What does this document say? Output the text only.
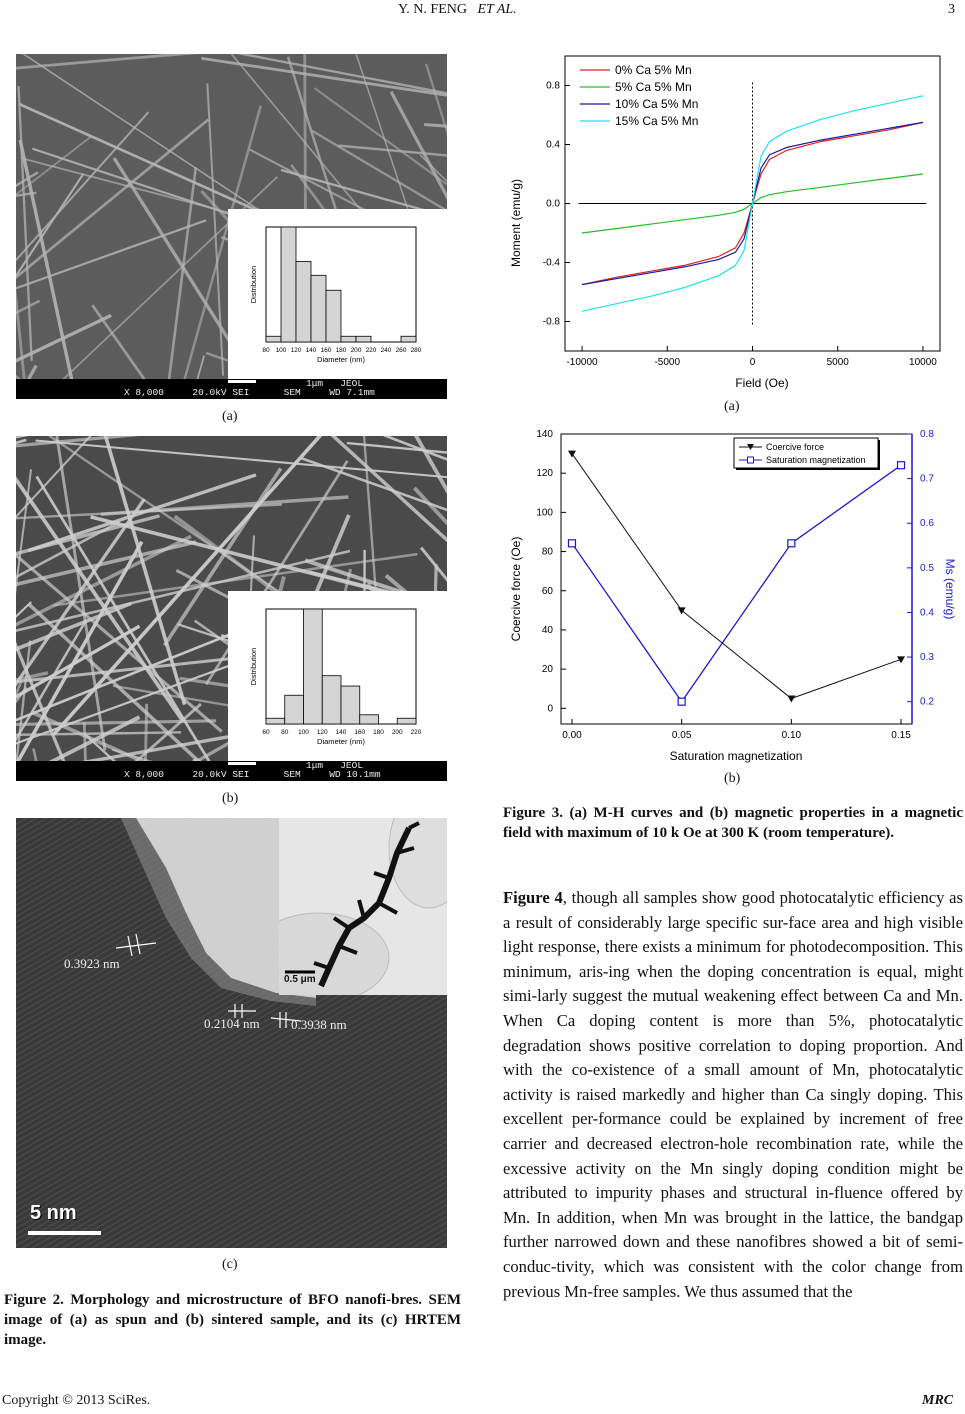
Y. N. FENG ET AL.	3
80 100 120 140 160 180 200 220 240 260 280
Diameter (nm)
Distribution

1μm JEOL

X 8,000     20.0kV SEI      SEM     WD 7.1mm

(a)
60 80 100 120 140 160 180 200 220
Diameter (nm)
Distribution

1μm JEOL

X 8,000     20.0kV SEI      SEM     WD 10.1mm

(b)
0.3923 nm
0.2104 nm 0.3938 nm
5 nm
0.5 μm
(c)
Figure 2. Morphology and microstructure of BFO nanofi-bres. SEM image of (a) as spun and (b) sintered sample, and its (c) HRTEM image.
Moment (emu/g)
Field (Oe)
-10000	-5000	0	5000	10000
-0.8
-0.4
0.0
0.4
0.8
0% Ca 5% Mn
5% Ca 5% Mn
10% Ca 5% Mn
15% Ca 5% Mn
(a)
Coercive force (Oe)	Ms (emu/g)
Saturation magnetization
0.00	0.05	0.10	0.15
0
20
40
60
80
100
120
140
0.2
0.3
0.4
0.5
0.6
0.7
0.8
Coercive force
Saturation magnetization
(b)
Figure 3. (a) M-H curves and (b) magnetic properties in a magnetic field with maximum of 10 k Oe at 300 K (room temperature).

Figure 4, though all samples show good photocatalytic efficiency as a result of considerably large specific sur-face area and high visible light response, there exists a minimum for photodecomposition. This minimum, aris-ing when the doping concentration is equal, might simi-larly suggest the mutual weakening effect between Ca and Mn. When Ca doping content is more than 5%, photocatalytic degradation shows positive correlation to doping proportion. And with the co-existence of a small amount of Mn, photocatalytic activity is raised markedly and higher than Ca singly doping. This excellent per-formance could be explained by increment of free carrier and decreased electron-hole recombination rate, while the excessive activity on the Mn singly doping condition might be attributed to impurity phases and structural in-fluence offered by Mn. In addition, when Mn was brought in the lattice, the bandgap further narrowed down and these nanofibres showed a bit of semi-conduc-tivity, which was consistent with the color change from previous Mn-free samples. We thus assumed that the

Copyright © 2013 SciRes.	MRC
